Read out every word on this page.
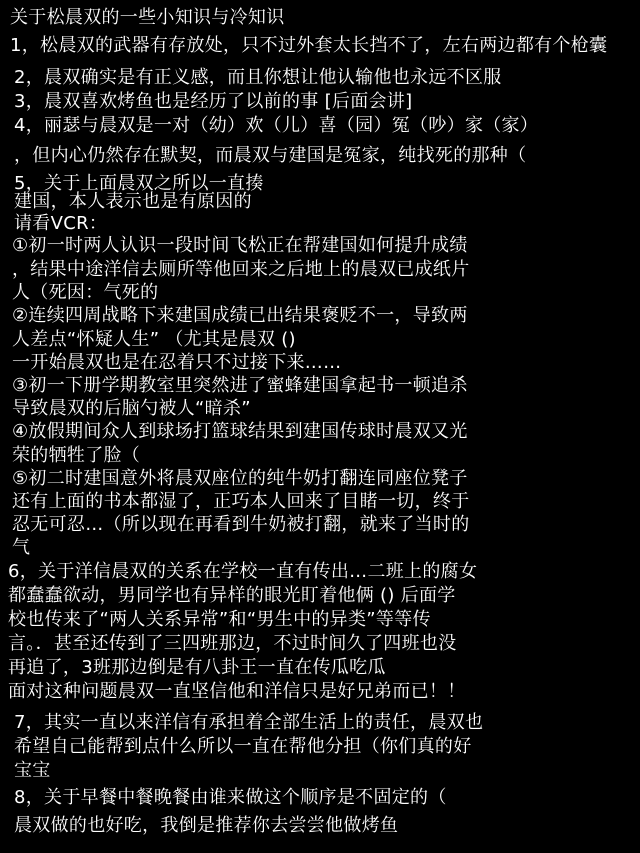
关于松晨双的一些小知识与冷知识
1，松晨双的武器有存放处，只不过外套太长挡不了，左右两边都有个枪囊
2，晨双确实是有正义感，而且你想让他认输他也永远不区服
3，晨双喜欢烤鱼也是经历了以前的事 [后面会讲]
4，丽瑟与晨双是一对（幼）欢（儿）喜（园）冤（吵）家（家）
，但内心仍然存在默契，而晨双与建国是冤家，纯找死的那种（
5，关于上面晨双之所以一直揍
建国，本人表示也是有原因的
请看VCR：
①初一时两人认识一段时间飞松正在帮建国如何提升成绩
，结果中途洋信去厕所等他回来之后地上的晨双已成纸片
人（死因：气死的
②连续四周战略下来建国成绩已出结果褒贬不一，导致两
人差点“怀疑人生” （尤其是晨双 ()
一开始晨双也是在忍着只不过接下来……
③初一下册学期教室里突然进了蜜蜂建国拿起书一顿追杀
导致晨双的后脑勺被人“暗杀”
④放假期间众人到球场打篮球结果到建国传球时晨双又光
荣的牺牲了脸（
⑤初二时建国意外将晨双座位的纯牛奶打翻连同座位凳子
还有上面的书本都湿了，正巧本人回来了目睹一切，终于
忍无可忍…（所以现在再看到牛奶被打翻，就来了当时的
气
6，关于洋信晨双的关系在学校一直有传出…二班上的腐女
都蠢蠢欲动，男同学也有异样的眼光盯着他俩 () 后面学
校也传来了“两人关系异常”和“男生中的异类”等等传
言。．甚至还传到了三四班那边，不过时间久了四班也没
再追了，3班那边倒是有八卦王一直在传瓜吃瓜
面对这种问题晨双一直坚信他和洋信只是好兄弟而已！！
7，其实一直以来洋信有承担着全部生活上的责任，晨双也
希望自己能帮到点什么所以一直在帮他分担（你们真的好
宝宝
8，关于早餐中餐晚餐由谁来做这个顺序是不固定的（
晨双做的也好吃，我倒是推荐你去尝尝他做烤鱼
